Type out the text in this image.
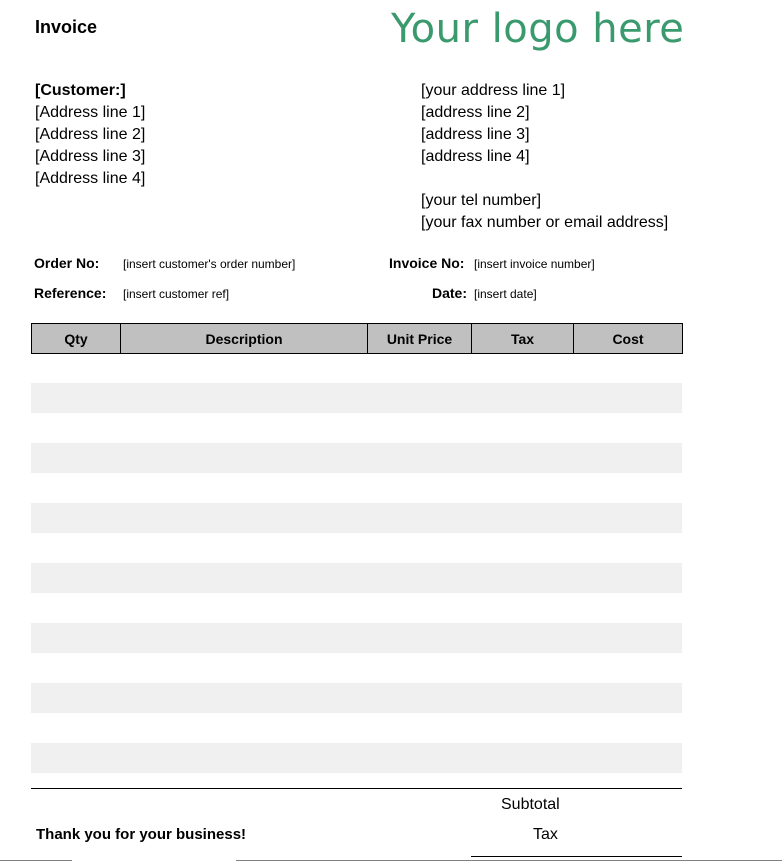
Invoice	Your logo here
[Customer:]
[Address line 1]
[Address line 2]
[Address line 3]
[Address line 4]
[your address line 1]
[address line 2]
[address line 3]
[address line 4]
[your tel number]
[your fax number or email address]
Order No: [insert customer's order number]
Reference: [insert customer ref]
Invoice No: [insert invoice number]
Date: [insert date]
Qty	Description	Unit Price	Tax	Cost
Subtotal
Tax
Thank you for your business!
